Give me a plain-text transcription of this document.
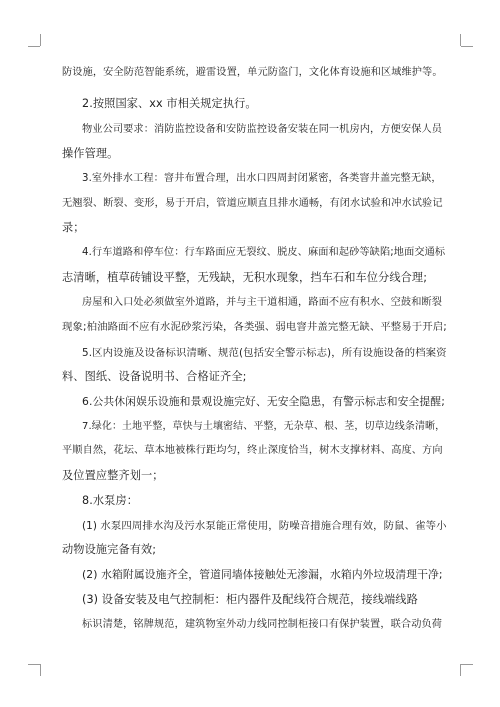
防设施，安全防范智能系统，避雷设置，单元防盗门，文化体育设施和区域维护等。
2.按照国家、xx 市相关规定执行。
物业公司要求：消防监控设备和安防监控设备安装在同一机房内，方便安保人员
操作管理。
3.室外排水工程：窨井布置合理，出水口四周封闭紧密，各类窨井盖完整无缺，
无翘裂、断裂、变形，易于开启，管道应顺直且排水通畅，有闭水试验和冲水试验记
录；
4.行车道路和停车位：行车路面应无裂纹、脱皮、麻面和起砂等缺陷;地面交通标
志清晰，植草砖铺设平整，无残缺，无积水现象，挡车石和车位分线合理;
房屋和入口处必须做室外道路，并与主干道相通，路面不应有积水、空鼓和断裂
现象;柏油路面不应有水泥砂浆污染，各类强、弱电窨井盖完整无缺、平整易于开启;
5.区内设施及设备标识清晰、规范(包括安全警示标志)，所有设施设备的档案资
料、图纸、设备说明书、合格证齐全;
6.公共休闲娱乐设施和景观设施完好、无安全隐患，有警示标志和安全提醒;
7.绿化：土地平整，草快与土壤密结、平整，无杂草、根、茎，切草边线条清晰，
平顺自然，花坛、草本地被株行距均匀，终止深度恰当，树木支撑材料、高度、方向
及位置应整齐划一；
8.水泵房：
(1) 水泵四周排水沟及污水泵能正常使用，防噪音措施合理有效，防鼠、雀等小
动物设施完备有效;
(2) 水箱附属设施齐全，管道同墙体接触处无渗漏，水箱内外垃圾清理干净;
(3) 设备安装及电气控制柜：柜内器件及配线符合规范，接线端线路
标识清楚，铭牌规范，建筑物室外动力线同控制柜接口有保护装置，联合动负荷
